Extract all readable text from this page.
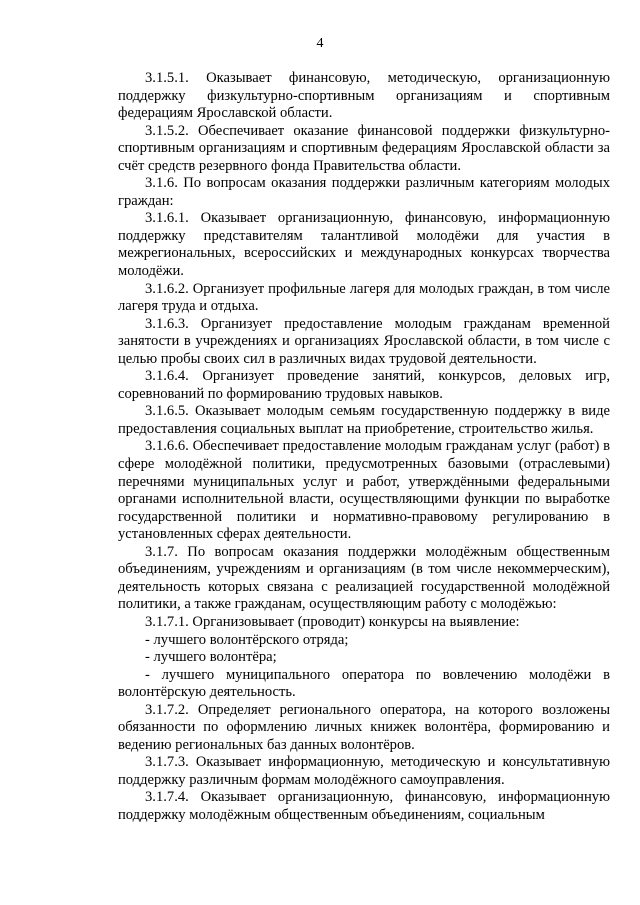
4

3.1.5.1. Оказывает финансовую, методическую, организационную поддержку физкультурно-спортивным организациям и спортивным федерациям Ярославской области.

3.1.5.2. Обеспечивает оказание финансовой поддержки физкультурно-спортивным организациям и спортивным федерациям Ярославской области за счёт средств резервного фонда Правительства области.

3.1.6. По вопросам оказания поддержки различным категориям молодых граждан:

3.1.6.1. Оказывает организационную, финансовую, информационную поддержку представителям талантливой молодёжи для участия в межрегиональных, всероссийских и международных конкурсах творчества молодёжи.

3.1.6.2. Организует профильные лагеря для молодых граждан, в том числе лагеря труда и отдыха.

3.1.6.3. Организует предоставление молодым гражданам временной занятости в учреждениях и организациях Ярославской области, в том числе с целью пробы своих сил в различных видах трудовой деятельности.

3.1.6.4. Организует проведение занятий, конкурсов, деловых игр, соревнований по формированию трудовых навыков.

3.1.6.5. Оказывает молодым семьям государственную поддержку в виде предоставления социальных выплат на приобретение, строительство жилья.

3.1.6.6. Обеспечивает предоставление молодым гражданам услуг (работ) в сфере молодёжной политики, предусмотренных базовыми (отраслевыми) перечнями муниципальных услуг и работ, утверждёнными федеральными органами исполнительной власти, осуществляющими функции по выработке государственной политики и нормативно-правовому регулированию в установленных сферах деятельности.

3.1.7. По вопросам оказания поддержки молодёжным общественным объединениям, учреждениям и организациям (в том числе некоммерческим), деятельность которых связана с реализацией государственной молодёжной политики, а также гражданам, осуществляющим работу с молодёжью:

3.1.7.1. Организовывает (проводит) конкурсы на выявление:

- лучшего волонтёрского отряда;

- лучшего волонтёра;

- лучшего муниципального оператора по вовлечению молодёжи в волонтёрскую деятельность.

3.1.7.2. Определяет регионального оператора, на которого возложены обязанности по оформлению личных книжек волонтёра, формированию и ведению региональных баз данных волонтёров.

3.1.7.3. Оказывает информационную, методическую и консультативную поддержку различным формам молодёжного самоуправления.

3.1.7.4. Оказывает организационную, финансовую, информационную поддержку молодёжным общественным объединениям, социальным
